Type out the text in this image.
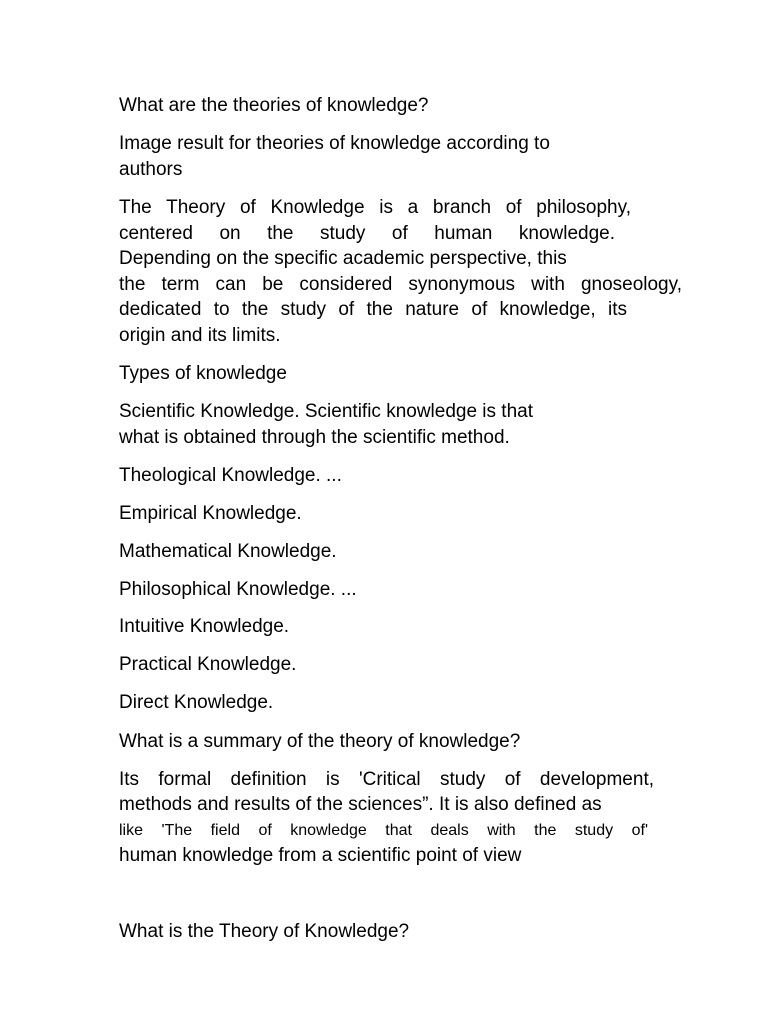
What are the theories of knowledge?

Image result for theories of knowledge according to

authors

The Theory of Knowledge is a branch of philosophy,

centered on the study of human knowledge.

Depending on the specific academic perspective, this

the term can be considered synonymous with gnoseology,

dedicated to the study of the nature of knowledge, its

origin and its limits.

Types of knowledge

Scientific Knowledge. Scientific knowledge is that

what is obtained through the scientific method.

Theological Knowledge. ...

Empirical Knowledge.

Mathematical Knowledge.

Philosophical Knowledge. ...

Intuitive Knowledge.

Practical Knowledge.

Direct Knowledge.

What is a summary of the theory of knowledge?

Its formal definition is 'Critical study of development,

methods and results of the sciences”. It is also defined as

like 'The field of knowledge that deals with the study of'

human knowledge from a scientific point of view

What is the Theory of Knowledge?
